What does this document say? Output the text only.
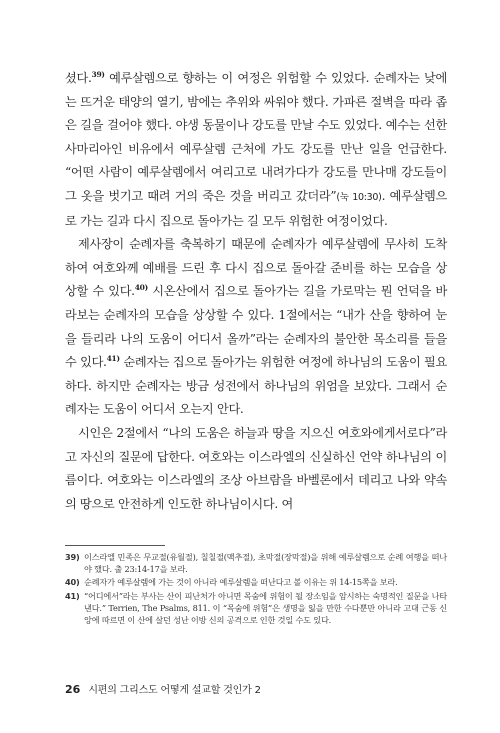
셨다.$^{39)}$ 예루살렘으로 향하는 이 여정은 위험할 수 있었다. 순례자는 낮에는 뜨거운 태양의 열기, 밤에는 추위와 싸워야 했다. 가파른 절벽을 따라 좁은 길을 걸어야 했다. 야생 동물이나 강도를 만날 수도 있었다. 예수는 선한 사마리아인 비유에서 예루살렘 근처에 가도 강도를 만난 일을 언급한다. “어떤 사람이 예루살렘에서 여리고로 내려가다가 강도를 만나매 강도들이 그 옷을 벗기고 때려 거의 죽은 것을 버리고 갔더라”(눅 10:30). 예루살렘으로 가는 길과 다시 집으로 돌아가는 길 모두 위험한 여정이었다.

제사장이 순례자를 축복하기 때문에 순례자가 예루살렘에 무사히 도착하여 여호와께 예배를 드린 후 다시 집으로 돌아갈 준비를 하는 모습을 상상할 수 있다.$^{40)}$ 시온산에서 집으로 돌아가는 길을 가로막는 뭔 언덕을 바라보는 순례자의 모습을 상상할 수 있다. 1절에서는 “내가 산을 향하여 눈을 들리라 나의 도움이 어디서 올까”라는 순례자의 불안한 목소리를 들을 수 있다.$^{41)}$ 순례자는 집으로 돌아가는 위험한 여정에 하나님의 도움이 필요하다. 하지만 순례자는 방금 성전에서 하나님의 위엄을 보았다. 그래서 순례자는 도움이 어디서 오는지 안다.

시인은 2절에서 “나의 도움은 하늘과 땅을 지으신 여호와에게서로다”라고 자신의 질문에 답한다. 여호와는 이스라엘의 신실하신 언약 하나님의 이름이다. 여호와는 이스라엘의 조상 아브람을 바벨론에서 데리고 나와 약속의 땅으로 안전하게 인도한 하나님이시다. 여

39) 이스라엘 민족은 무교절(유월절), 칠칠절(맥추절), 초막절(장막절)을 위해 예루살렘으로 순례 여행을 떠나야 했다. 출 23:14-17을 보라.
40) 순례자가 예루살렘에 가는 것이 아니라 예루살렘을 떠난다고 볼 이유는 위 14-15쪽을 보라.
41) “어디에서”라는 부사는 산이 피난처가 아니면 목숨에 위험이 될 장소임을 암시하는 숙명적인 질문을 나타낸다.” Terrien, The Psalms, 811. 이 “목숨에 위험”은 생명을 잃을 만한 수다뿐만 아니라 고대 근동 신앙에 따르면 이 산에 살던 성난 이방 신의 공격으로 인한 것일 수도 있다.
26 시편의 그리스도 어떻게 설교할 것인가 2
